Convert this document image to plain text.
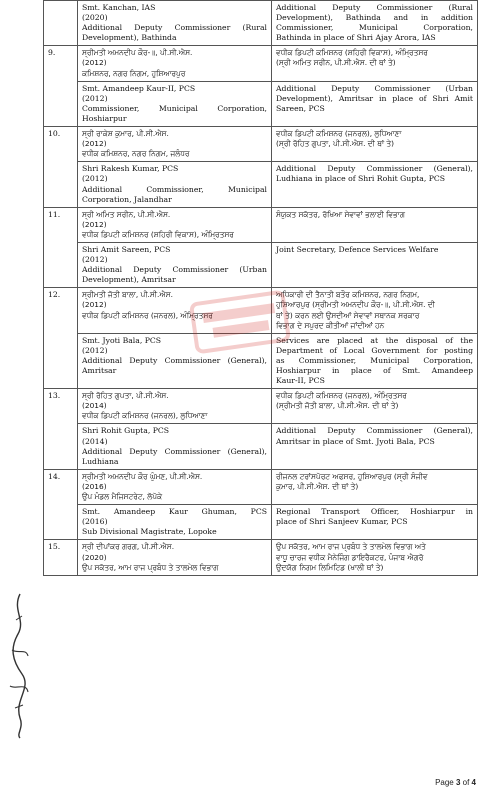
	Smt. Kanchan, IAS
(2020)
Additional Deputy Commissioner (Rural
Development), Bathinda	Additional Deputy Commissioner (Rural
Development), Bathinda and in addition
Commissioner, Municipal Corporation,
Bathinda in place of Shri Ajay Arora, IAS

9.	ਸ੍ਰੀਮਤੀ ਅਮਨਦੀਪ ਕੌਰ-॥, ਪੀ.ਸੀ.ਐਸ.
(2012)
ਕਮਿਸ਼ਨਰ, ਨਗਰ ਨਿਗਮ, ਹੁਸ਼ਿਆਰਪੁਰ	ਵਧੀਕ ਡਿਪਟੀ ਕਮਿਸ਼ਨਰ (ਸ਼ਹਿਰੀ ਵਿਕਾਸ), ਅੰਮ੍ਰਿਤਸਰ
(ਸ੍ਰੀ ਅਮਿਤ ਸਰੀਨ, ਪੀ.ਸੀ.ਐਸ. ਦੀ ਥਾਂ ਤੇ)

	Smt. Amandeep Kaur-II, PCS
(2012)
Commissioner, Municipal Corporation,
Hoshiarpur	Additional Deputy Commissioner (Urban
Development), Amritsar in place of Shri Amit
Sareen, PCS

10.	ਸ੍ਰੀ ਰਾਕੇਸ਼ ਕੁਮਾਰ, ਪੀ.ਸੀ.ਐਸ.
(2012)
ਵਧੀਕ ਕਮਿਸ਼ਨਰ, ਨਗਰ ਨਿਗਮ, ਜਲੰਧਰ	ਵਧੀਕ ਡਿਪਟੀ ਕਮਿਸ਼ਨਰ (ਜਨਰਲ), ਲੁਧਿਆਣਾ
(ਸ੍ਰੀ ਰੋਹਿਤ ਗੁਪਤਾ, ਪੀ.ਸੀ.ਐਸ. ਦੀ ਥਾਂ ਤੇ)

	Shri Rakesh Kumar, PCS
(2012)
Additional Commissioner, Municipal
Corporation, Jalandhar	Additional Deputy Commissioner (General),
Ludhiana in place of Shri Rohit Gupta, PCS

11.	ਸ੍ਰੀ ਅਮਿਤ ਸਰੀਨ, ਪੀ.ਸੀ.ਐਸ.
(2012)
ਵਧੀਕ ਡਿਪਟੀ ਕਮਿਸ਼ਨਰ (ਸ਼ਹਿਰੀ ਵਿਕਾਸ), ਅੰਮ੍ਰਿਤਸਰ	ਸੰਯੁਕਤ ਸਕੱਤਰ, ਰੱਖਿਆ ਸੇਵਾਵਾਂ ਭਲਾਈ ਵਿਭਾਗ

	Shri Amit Sareen, PCS
(2012)
Additional Deputy Commissioner (Urban
Development), Amritsar	Joint Secretary, Defence Services Welfare

12.	ਸ੍ਰੀਮਤੀ ਜੋਤੀ ਬਾਲਾ, ਪੀ.ਸੀ.ਐਸ.
(2012)
ਵਧੀਕ ਡਿਪਟੀ ਕਮਿਸ਼ਨਰ (ਜਨਰਲ), ਅੰਮ੍ਰਿਤਸਰ	ਅਧਿਕਾਰੀ ਦੀ ਤੈਨਾਤੀ ਬਤੌਰ ਕਮਿਸ਼ਨਰ, ਨਗਰ ਨਿਗਮ,
ਹੁਸ਼ਿਆਰਪੁਰ (ਸ੍ਰੀਮਤੀ ਅਮਨਦੀਪ ਕੌਰ-॥, ਪੀ.ਸੀ.ਐਸ. ਦੀ
ਥਾਂ ਤੇ) ਕਰਨ ਲਈ ਉਸਦੀਆਂ ਸੇਵਾਵਾਂ ਸਥਾਨਕ ਸਰਕਾਰ
ਵਿਭਾਗ ਦੇ ਸਪੁਰਦ ਕੀਤੀਆਂ ਜਾਂਦੀਆਂ ਹਨ

	Smt. Jyoti Bala, PCS
(2012)
Additional Deputy Commissioner (General),
Amritsar	Services are placed at the disposal of the
Department of Local Government for posting
as Commissioner, Municipal Corporation,
Hoshiarpur in place of Smt. Amandeep
Kaur-II, PCS

13.	ਸ੍ਰੀ ਰੋਹਿਤ ਗੁਪਤਾ, ਪੀ.ਸੀ.ਐਸ.
(2014)
ਵਧੀਕ ਡਿਪਟੀ ਕਮਿਸ਼ਨਰ (ਜਨਰਲ), ਲੁਧਿਆਣਾ	ਵਧੀਕ ਡਿਪਟੀ ਕਮਿਸ਼ਨਰ (ਜਨਰਲ), ਅੰਮ੍ਰਿਤਸਰ
(ਸ੍ਰੀਮਤੀ ਜੋਤੀ ਬਾਲਾ, ਪੀ.ਸੀ.ਐਸ. ਦੀ ਥਾਂ ਤੇ)

	Shri Rohit Gupta, PCS
(2014)
Additional Deputy Commissioner (General),
Ludhiana	Additional Deputy Commissioner (General),
Amritsar in place of Smt. Jyoti Bala, PCS

14.	ਸ੍ਰੀਮਤੀ ਅਮਨਦੀਪ ਕੌਰ ਘੁੰਮਣ, ਪੀ.ਸੀ.ਐਸ.
(2016)
ਉਪ ਮੰਡਲ ਮੈਜਿਸਟਰੇਟ, ਲੋਪੋਕੇ	ਰੀਜਨਲ ਟਰਾਂਸਪੋਰਟ ਅਫਸਰ, ਹੁਸ਼ਿਆਰਪੁਰ (ਸ੍ਰੀ ਸੰਜੀਵ
ਕੁਮਾਰ, ਪੀ.ਸੀ.ਐਸ. ਦੀ ਥਾਂ ਤੇ)

	Smt. Amandeep Kaur Ghuman, PCS
(2016)
Sub Divisional Magistrate, Lopoke	Regional Transport Officer, Hoshiarpur in
place of Shri Sanjeev Kumar, PCS

15.	ਸ੍ਰੀ ਦੀਪਾਂਕਰ ਗਰਗ, ਪੀ.ਸੀ.ਐਸ.
(2020)
ਉਪ ਸਕੱਤਰ, ਆਮ ਰਾਜ ਪ੍ਰਬੰਧ ਤੇ ਤਾਲਮੇਲ ਵਿਭਾਗ	ਉਪ ਸਕੱਤਰ, ਆਮ ਰਾਜ ਪ੍ਰਬੰਧ ਤੇ ਤਾਲਮੇਲ ਵਿਭਾਗ ਅਤੇ
ਵਾਧੂ ਚਾਰਜ ਵਧੀਕ ਮੈਨੇਜਿੰਗ ਡਾਇਰੈਕਟਰ, ਪੰਜਾਬ ਐਗਰੋ
ਉਦਯੋਗ ਨਿਗਮ ਲਿਮਿਟਿਡ (ਖਾਲੀ ਥਾਂ ਤੇ)
Page 3 of 4
